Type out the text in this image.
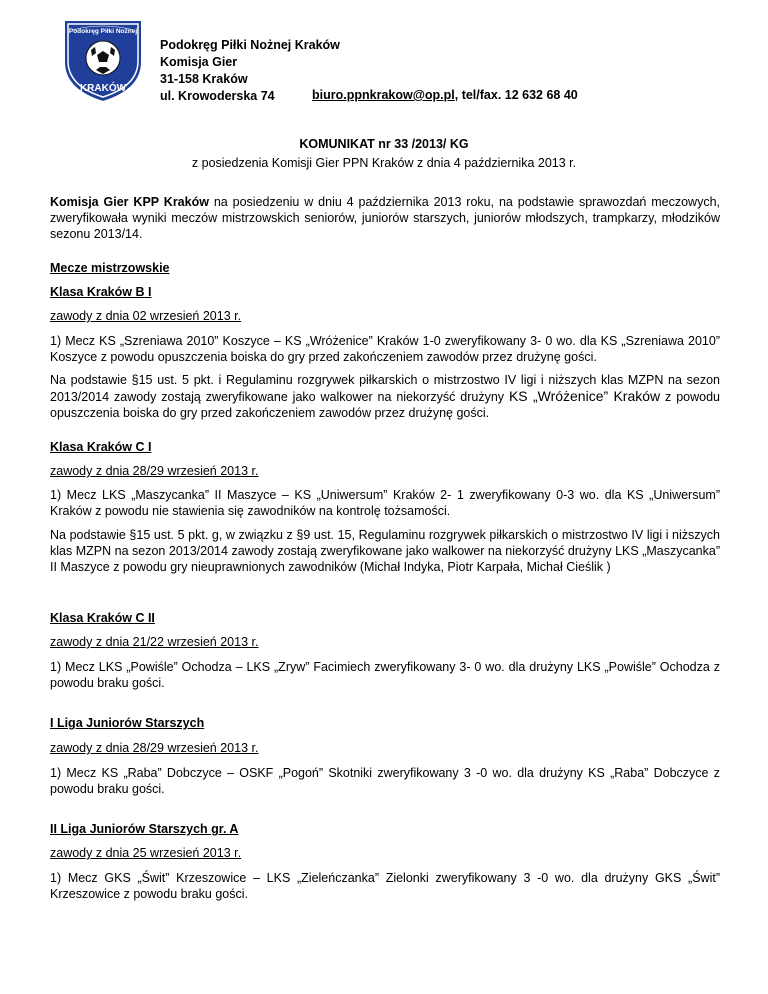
Podokręg Piłki Nożnej
KRAKÓW
Podokręg Piłki Nożnej Kraków
Komisja Gier
31-158 Kraków
ul. Krowoderska 74	biuro.ppnkrakow@op.pl, tel/fax. 12 632 68 40
KOMUNIKAT nr 33 /2013/ KG
z posiedzenia Komisji Gier PPN Kraków z dnia 4 października 2013 r.
Komisja Gier KPP Kraków na posiedzeniu w dniu 4 października 2013 roku, na podstawie sprawozdań meczowych, zweryfikowała wyniki meczów mistrzowskich seniorów, juniorów starszych, juniorów młodszych, trampkarzy, młodzików sezonu 2013/14.
Mecze mistrzowskie
Klasa Kraków B I
zawody z dnia 02 wrzesień 2013 r.
1) Mecz KS „Szreniawa 2010” Koszyce – KS „Wróżenice” Kraków 1-0 zweryfikowany 3- 0 wo. dla KS „Szreniawa 2010” Koszyce z powodu opuszczenia boiska do gry przed zakończeniem zawodów przez drużynę gości.
Na podstawie §15 ust. 5 pkt. i Regulaminu rozgrywek piłkarskich o mistrzostwo IV ligi i niższych klas MZPN na sezon 2013/2014 zawody zostają zweryfikowane jako walkower na niekorzyść drużyny KS „Wróżenice” Kraków z powodu opuszczenia boiska do gry przed zakończeniem zawodów przez drużynę gości.
Klasa Kraków C I
zawody z dnia 28/29 wrzesień 2013 r.
1) Mecz LKS „Maszycanka” II Maszyce – KS „Uniwersum” Kraków 2- 1 zweryfikowany 0-3 wo. dla KS „Uniwersum” Kraków z powodu nie stawienia się zawodników na kontrolę tożsamości.
Na podstawie §15 ust. 5 pkt. g, w związku z §9 ust. 15, Regulaminu rozgrywek piłkarskich o mistrzostwo IV ligi i niższych klas MZPN na sezon 2013/2014 zawody zostają zweryfikowane jako walkower na niekorzyść drużyny LKS „Maszycanka” II Maszyce z powodu gry nieuprawnionych zawodników (Michał Indyka, Piotr Karpała, Michał Cieślik )
Klasa Kraków C II
zawody z dnia 21/22 wrzesień 2013 r.
1) Mecz LKS „Powiśle” Ochodza – LKS „Zryw” Facimiech zweryfikowany 3- 0 wo. dla drużyny LKS „Powiśle” Ochodza z powodu braku gości.
I Liga Juniorów Starszych
zawody z dnia 28/29 wrzesień 2013 r.
1) Mecz KS „Raba” Dobczyce – OSKF „Pogoń” Skotniki zweryfikowany 3 -0 wo. dla drużyny KS „Raba” Dobczyce z powodu braku gości.
II Liga Juniorów Starszych gr. A
zawody z dnia 25 wrzesień 2013 r.
1) Mecz GKS „Świt” Krzeszowice – LKS „Zieleńczanka” Zielonki zweryfikowany 3 -0 wo. dla drużyny GKS „Świt” Krzeszowice z powodu braku gości.
